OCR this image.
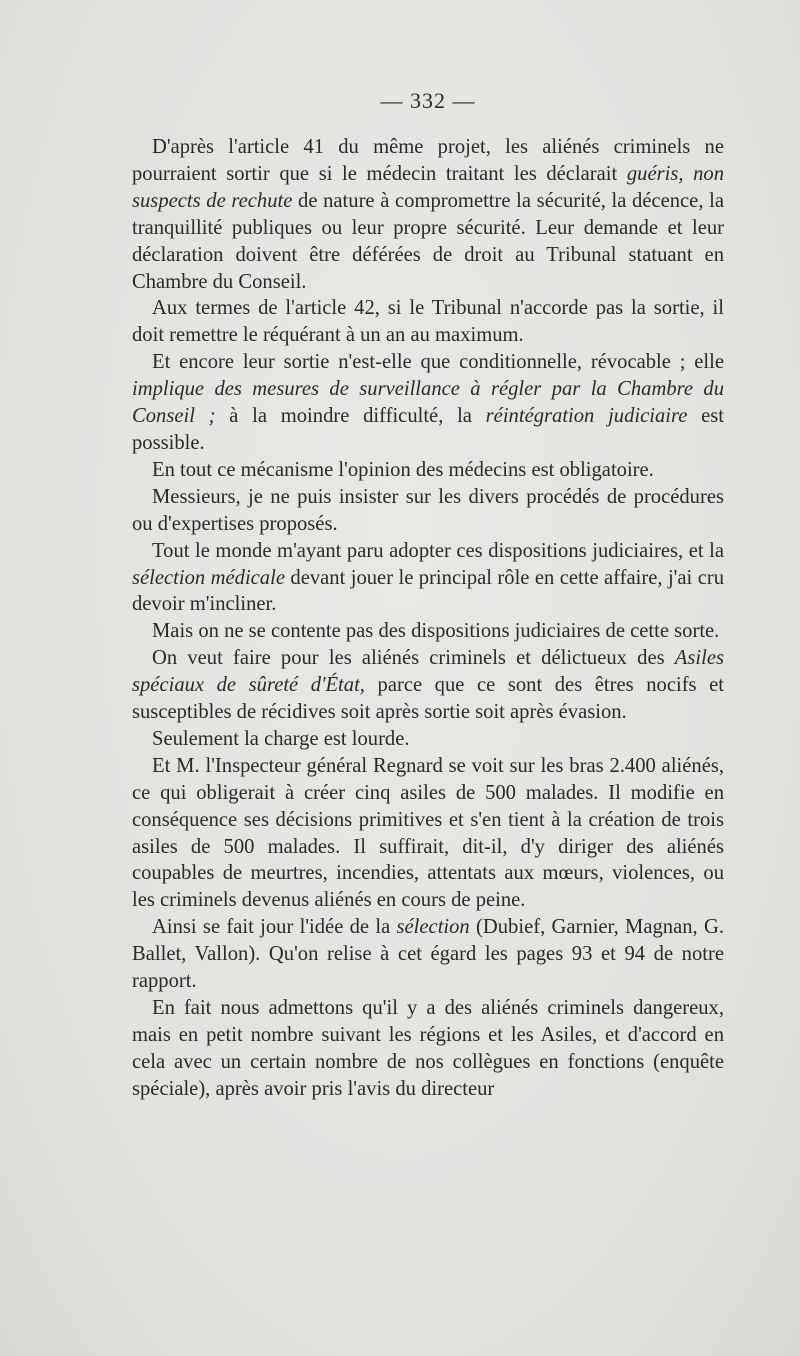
— 332 —

D'après l'article 41 du même projet, les aliénés criminels ne pourraient sortir que si le médecin traitant les déclarait guéris, non suspects de rechute de nature à compromettre la sécurité, la décence, la tranquillité publiques ou leur propre sécurité. Leur demande et leur déclaration doivent être déférées de droit au Tribunal statuant en Chambre du Conseil.

Aux termes de l'article 42, si le Tribunal n'accorde pas la sortie, il doit remettre le réquérant à un an au maximum.

Et encore leur sortie n'est-elle que conditionnelle, révocable ; elle implique des mesures de surveillance à régler par la Chambre du Conseil ; à la moindre difficulté, la réintégration judiciaire est possible.

En tout ce mécanisme l'opinion des médecins est obligatoire.

Messieurs, je ne puis insister sur les divers procédés de procédures ou d'expertises proposés.

Tout le monde m'ayant paru adopter ces dispositions judiciaires, et la sélection médicale devant jouer le principal rôle en cette affaire, j'ai cru devoir m'incliner.

Mais on ne se contente pas des dispositions judiciaires de cette sorte.

On veut faire pour les aliénés criminels et délictueux des Asiles spéciaux de sûreté d'État, parce que ce sont des êtres nocifs et susceptibles de récidives soit après sortie soit après évasion.

Seulement la charge est lourde.

Et M. l'Inspecteur général Regnard se voit sur les bras 2.400 aliénés, ce qui obligerait à créer cinq asiles de 500 malades. Il modifie en conséquence ses décisions primitives et s'en tient à la création de trois asiles de 500 malades. Il suffirait, dit-il, d'y diriger des aliénés coupables de meurtres, incendies, attentats aux mœurs, violences, ou les criminels devenus aliénés en cours de peine.

Ainsi se fait jour l'idée de la sélection (Dubief, Garnier, Magnan, G. Ballet, Vallon). Qu'on relise à cet égard les pages 93 et 94 de notre rapport.

En fait nous admettons qu'il y a des aliénés criminels dangereux, mais en petit nombre suivant les régions et les Asiles, et d'accord en cela avec un certain nombre de nos collègues en fonctions (enquête spéciale), après avoir pris l'avis du directeur
